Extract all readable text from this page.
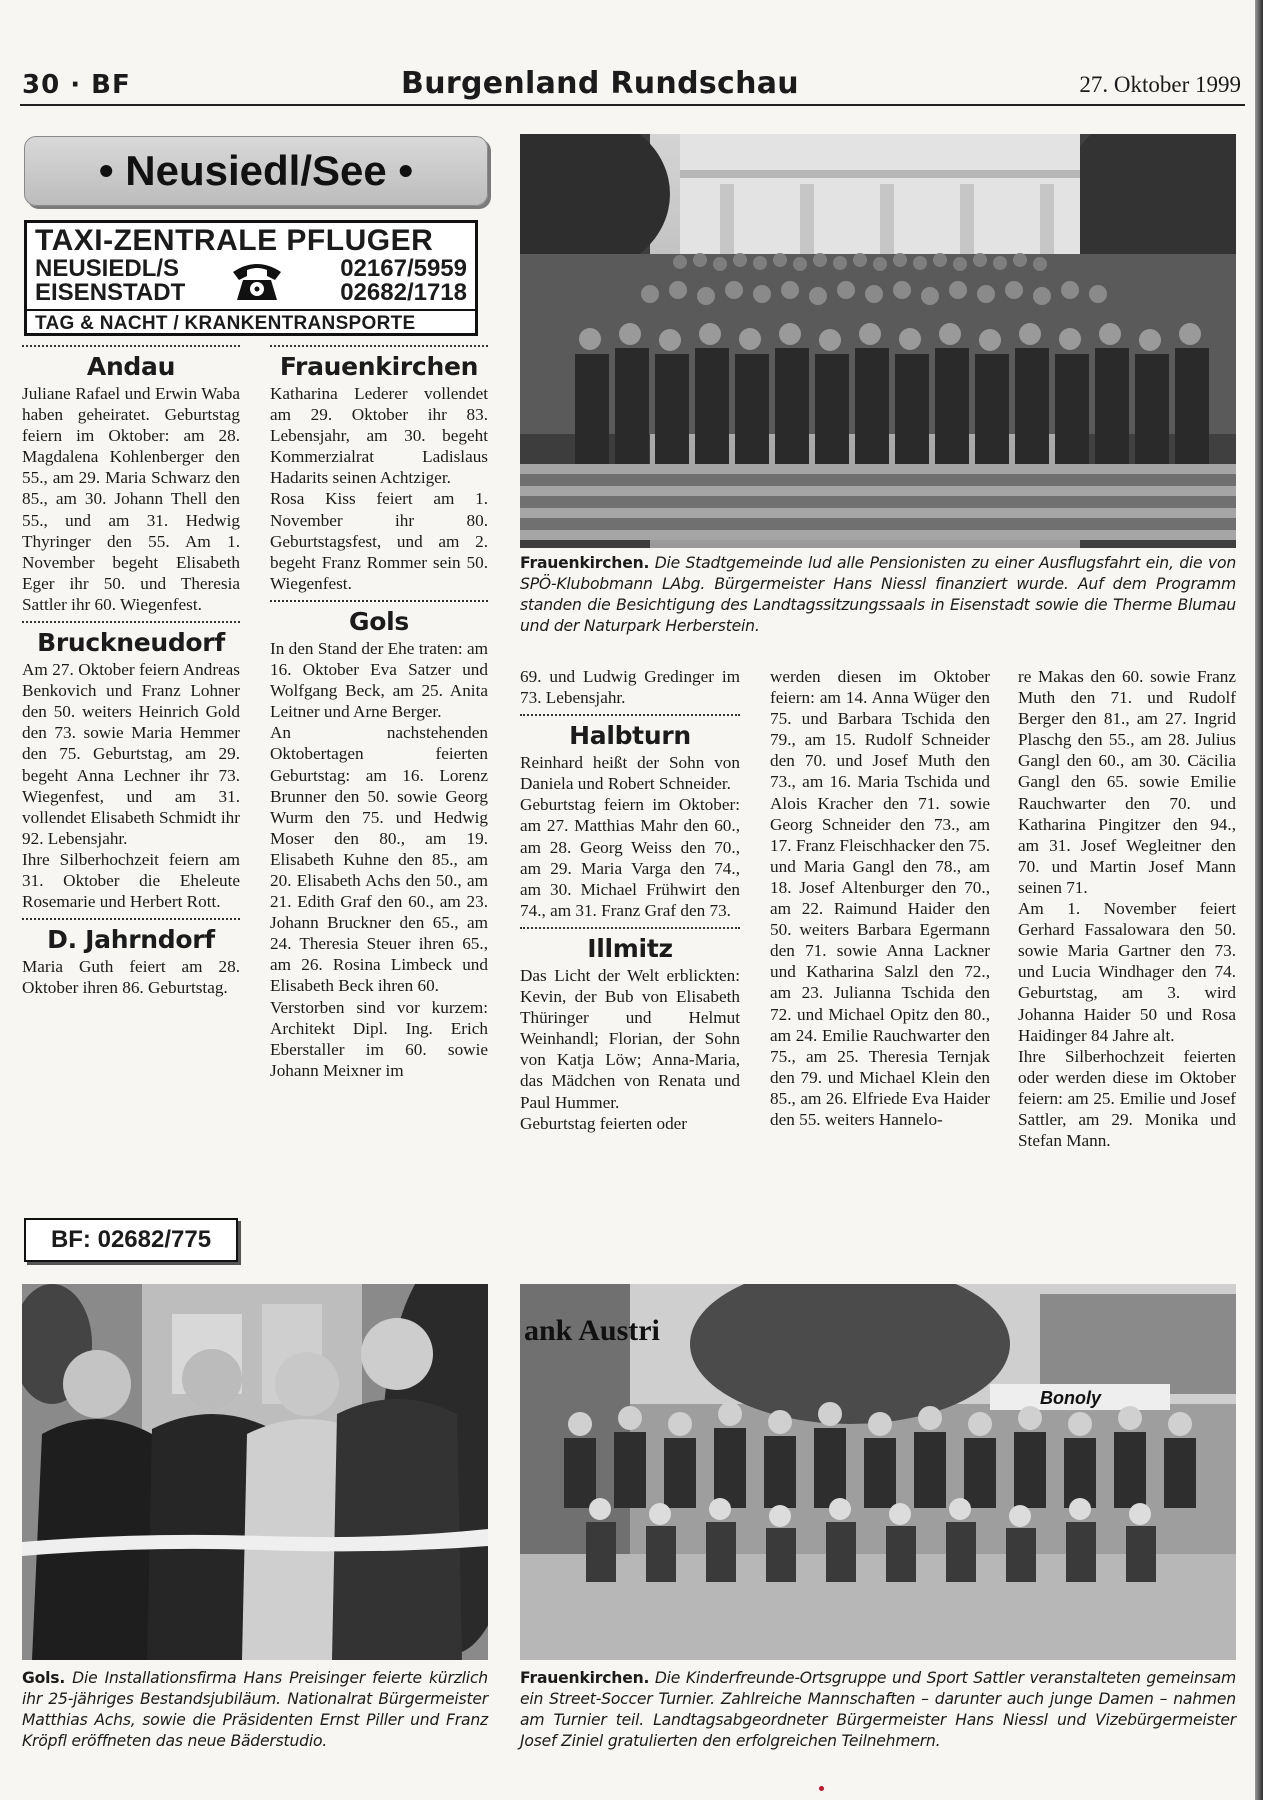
30 · BF	Burgenland Rundschau	27. Oktober 1999
• Neusiedl/See •
TAXI-ZENTRALE PFLUGER
NEUSIEDL/S	02167/5959
EISENSTADT	02682/1718
TAG & NACHT / KRANKENTRANSPORTE
Andau

Juliane Rafael und Erwin Waba haben geheiratet. Geburtstag feiern im Oktober: am 28. Magdalena Kohlenberger den 55., am 29. Maria Schwarz den 85., am 30. Johann Thell den 55., und am 31. Hedwig Thyringer den 55. Am 1. November begeht Elisabeth Eger ihr 50. und Theresia Sattler ihr 60. Wiegenfest.

Bruckneudorf

Am 27. Oktober feiern Andreas Benkovich und Franz Lohner den 50. weiters Heinrich Gold den 73. sowie Maria Hemmer den 75. Geburtstag, am 29. begeht Anna Lechner ihr 73. Wiegenfest, und am 31. vollendet Elisabeth Schmidt ihr 92. Lebensjahr.

Ihre Silberhochzeit feiern am 31. Oktober die Eheleute Rosemarie und Herbert Rott.

D. Jahrndorf

Maria Guth feiert am 28. Oktober ihren 86. Geburtstag.

BF: 02682/775
Frauenkirchen

Katharina Lederer vollendet am 29. Oktober ihr 83. Lebensjahr, am 30. begeht Kommerzialrat Ladislaus Hadarits seinen Achtziger.

Rosa Kiss feiert am 1. November ihr 80. Geburtstagsfest, und am 2. begeht Franz Rommer sein 50. Wiegenfest.

Gols

In den Stand der Ehe traten: am 16. Oktober Eva Satzer und Wolfgang Beck, am 25. Anita Leitner und Arne Berger.

An nachstehenden Oktobertagen feierten Geburtstag: am 16. Lorenz Brunner den 50. sowie Georg Wurm den 75. und Hedwig Moser den 80., am 19. Elisabeth Kuhne den 85., am 20. Elisabeth Achs den 50., am 21. Edith Graf den 60., am 23. Johann Bruckner den 65., am 24. Theresia Steuer ihren 65., am 26. Rosina Limbeck und Elisabeth Beck ihren 60.

Verstorben sind vor kurzem: Architekt Dipl. Ing. Erich Eberstaller im 60. sowie Johann Meixner im

69. und Ludwig Gredinger im 73. Lebensjahr.

Halbturn

Reinhard heißt der Sohn von Daniela und Robert Schneider.

Geburtstag feiern im Oktober: am 27. Matthias Mahr den 60., am 28. Georg Weiss den 70., am 29. Maria Varga den 74., am 30. Michael Frühwirt den 74., am 31. Franz Graf den 73.

Illmitz

Das Licht der Welt erblickten: Kevin, der Bub von Elisabeth Thüringer und Helmut Weinhandl; Florian, der Sohn von Katja Löw; Anna-Maria, das Mädchen von Renata und Paul Hummer.

Geburtstag feierten oder

werden diesen im Oktober feiern: am 14. Anna Wüger den 75. und Barbara Tschida den 79., am 15. Rudolf Schneider den 70. und Josef Muth den 73., am 16. Maria Tschida und Alois Kracher den 71. sowie Georg Schneider den 73., am 17. Franz Fleischhacker den 75. und Maria Gangl den 78., am 18. Josef Altenburger den 70., am 22. Raimund Haider den 50. weiters Barbara Egermann den 71. sowie Anna Lackner und Katharina Salzl den 72., am 23. Julianna Tschida den 72. und Michael Opitz den 80., am 24. Emilie Rauchwarter den 75., am 25. Theresia Ternjak den 79. und Michael Klein den 85., am 26. Elfriede Eva Haider den 55. weiters Hannelo-

re Makas den 60. sowie Franz Muth den 71. und Rudolf Berger den 81., am 27. Ingrid Plaschg den 55., am 28. Julius Gangl den 60., am 30. Cäcilia Gangl den 65. sowie Emilie Rauchwarter den 70. und Katharina Pingitzer den 94., am 31. Josef Wegleitner den 70. und Martin Josef Mann seinen 71.

Am 1. November feiert Gerhard Fassalowara den 50. sowie Maria Gartner den 73. und Lucia Windhager den 74. Geburtstag, am 3. wird Johanna Haider 50 und Rosa Haidinger 84 Jahre alt.

Ihre Silberhochzeit feierten oder werden diese im Oktober feiern: am 25. Emilie und Josef Sattler, am 29. Monika und Stefan Mann.

Frauenkirchen. Die Stadtgemeinde lud alle Pensionisten zu einer Ausflugsfahrt ein, die von SPÖ-Klubobmann LAbg. Bürgermeister Hans Niessl finanziert wurde. Auf dem Programm standen die Besichtigung des Landtagssitzungssaals in Eisenstadt sowie die Therme Blumau und der Naturpark Herberstein.
Gols. Die Installationsfirma Hans Preisinger feierte kürzlich ihr 25-jähriges Bestandsjubiläum. Nationalrat Bürgermeister Matthias Achs, sowie die Präsidenten Ernst Piller und Franz Kröpfl eröffneten das neue Bäderstudio.
ank Austri
Bonoly
Frauenkirchen. Die Kinderfreunde-Ortsgruppe und Sport Sattler veranstalteten gemeinsam ein Street-Soccer Turnier. Zahlreiche Mannschaften – darunter auch junge Damen – nahmen am Turnier teil. Landtagsabgeordneter Bürgermeister Hans Niessl und Vizebürgermeister Josef Ziniel gratulierten den erfolgreichen Teilnehmern.
